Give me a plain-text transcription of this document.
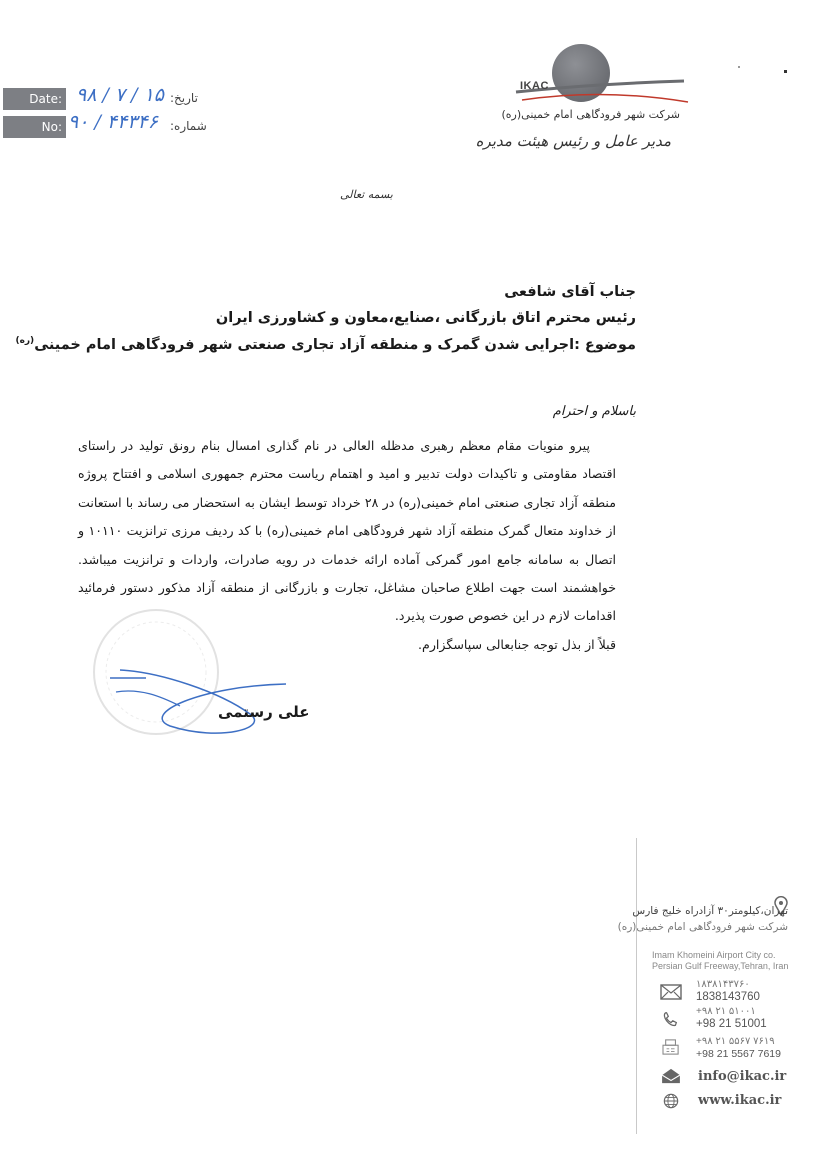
Date:
No:
۹۸ / ۷ / ۱۵
۹۰ / ۴۴۳۴۶
تاریخ:
شماره:
IKAC
شرکت شهر فرودگاهی امام خمینی(ره)
مدیر عامل و رئیس هیئت مدیره
بسمه تعالی
جناب آقای شافعی
رئیس محترم اتاق بازرگانی ،صنایع،معاون و کشاورزی ایران
موضوع :اجرایی شدن گمرک و منطقه آزاد تجاری صنعتی شهر فرودگاهی امام خمینی$^{(ره)}$
باسلام و احترام

پیرو منویات مقام معظم رهبری مدظله العالی در نام گذاری امسال بنام رونق تولید در راستای اقتصاد مقاومتی و تاکیدات دولت تدبیر و امید و اهتمام ریاست محترم جمهوری اسلامی و افتتاح پروژه منطقه آزاد تجاری صنعتی امام خمینی(ره) در ۲۸ خرداد توسط ایشان به استحضار می رساند با استعانت از خداوند متعال گمرک منطقه آزاد شهر فرودگاهی امام خمینی(ره) با کد ردیف مرزی ترانزیت ۱۰۱۱۰ و اتصال به سامانه جامع امور گمرکی آماده ارائه خدمات در رویه صادرات، واردات و ترانزیت میباشد. خواهشمند است جهت اطلاع صاحبان مشاغل، تجارت و بازرگانی از منطقه آزاد مذکور دستور فرمائید اقدامات لازم در این خصوص صورت پذیرد.

قبلاً از بذل توجه جنابعالی سپاسگزارم.

علی رستمی
تهران،کیلومتر۳۰ آزادراه خلیج فارس
شرکت شهر فرودگاهی امام خمینی(ره)
Imam Khomeini Airport City co.
Persian Gulf Freeway,Tehran, Iran
۱۸۳۸۱۴۳۷۶۰
1838143760
+۹۸ ۲۱ ۵۱۰۰۱
+98 21 51001
+۹۸ ۲۱ ۵۵۶۷ ۷۶۱۹
+98 21 5567 7619
info@ikac.ir
www.ikac.ir
